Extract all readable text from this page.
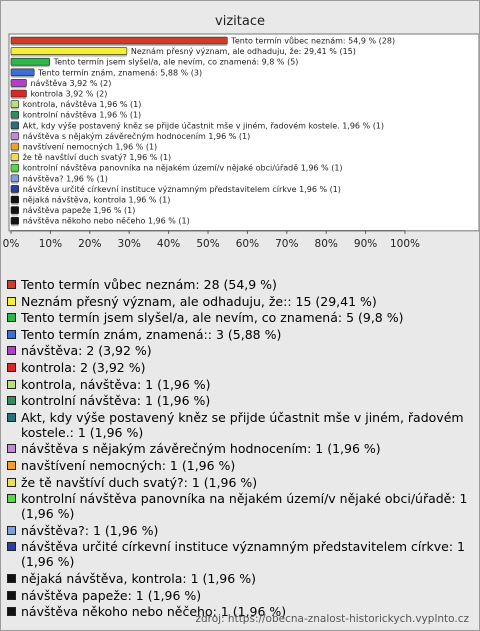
vizitace
Tento termín vůbec neznám: 54,9 % (28)
Neznám přesný význam, ale odhaduju, že: 29,41 % (15)
Tento termín jsem slyšel/a, ale nevím, co znamená: 9,8 % (5)
Tento termín znám, znamená: 5,88 % (3)
návštěva 3,92 % (2)
kontrola 3,92 % (2)
kontrola, návštěva 1,96 % (1)
kontrolní návštěva 1,96 % (1)
Akt, kdy výše postavený kněz se přijde účastnit mše v jiném, řadovém kostele. 1,96 % (1)
návštěva s nějakým závěrečným hodnocením 1,96 % (1)
navštívení nemocných 1,96 % (1)
že tě navštíví duch svatý? 1,96 % (1)
kontrolní návštěva panovníka na nějakém území/v nějaké obci/úřadě 1,96 % (1)
návštěva? 1,96 % (1)
návštěva určité církevní instituce významným představitelem církve 1,96 % (1)
nějaká návštěva, kontrola 1,96 % (1)
návštěva papeže 1,96 % (1)
návštěva někoho nebo něčeho 1,96 % (1)
0% 10% 20% 30% 40% 50% 60% 70% 80% 90% 100%
Tento termín vůbec neznám: 28 (54,9 %)
Neznám přesný význam, ale odhaduju, že:: 15 (29,41 %)
Tento termín jsem slyšel/a, ale nevím, co znamená: 5 (9,8 %)
Tento termín znám, znamená:: 3 (5,88 %)
návštěva: 2 (3,92 %)
kontrola: 2 (3,92 %)
kontrola, návštěva: 1 (1,96 %)
kontrolní návštěva: 1 (1,96 %)
Akt, kdy výše postavený kněz se přijde účastnit mše v jiném, řadovém kostele.: 1 (1,96 %)
návštěva s nějakým závěrečným hodnocením: 1 (1,96 %)
navštívení nemocných: 1 (1,96 %)
že tě navštíví duch svatý?: 1 (1,96 %)
kontrolní návštěva panovníka na nějakém území/v nějaké obci/úřadě: 1 (1,96 %)
návštěva?: 1 (1,96 %)
návštěva určité církevní instituce významným představitelem církve: 1 (1,96 %)
nějaká návštěva, kontrola: 1 (1,96 %)
návštěva papeže: 1 (1,96 %)
návštěva někoho nebo něčeho: 1 (1,96 %)
zdroj: https://obecna-znalost-historickych.vyplnto.cz
